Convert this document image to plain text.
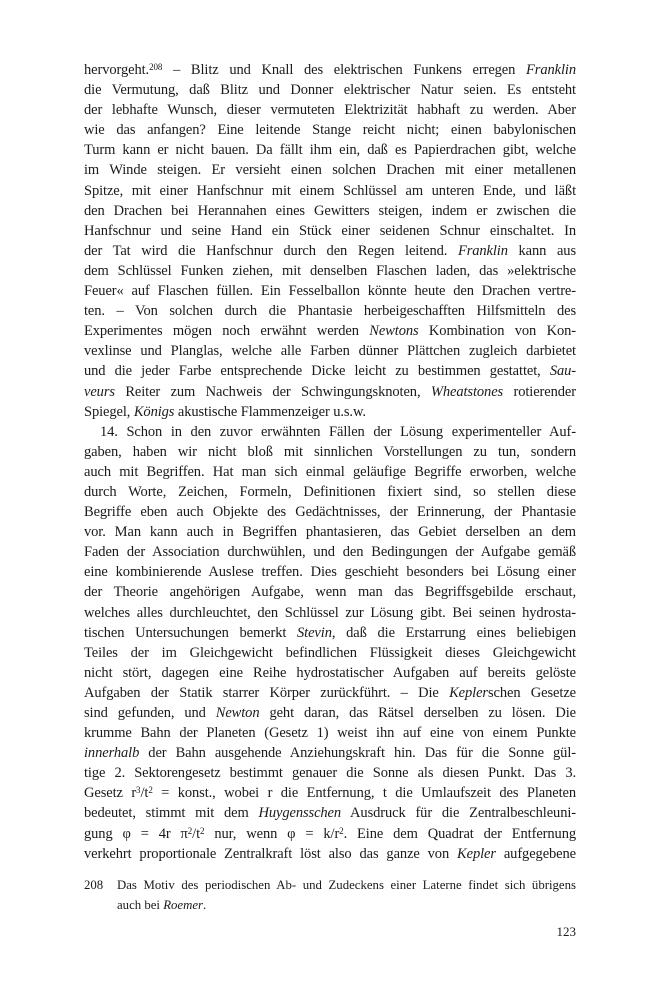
hervorgeht.$^{208}$ – Blitz und Knall des elektrischen Funkens erregen Franklin
die Vermutung, daß Blitz und Donner elektrischer Natur seien. Es entsteht
der lebhafte Wunsch, dieser vermuteten Elektrizität habhaft zu werden. Aber
wie das anfangen? Eine leitende Stange reicht nicht; einen babylonischen
Turm kann er nicht bauen. Da fällt ihm ein, daß es Papierdrachen gibt, welche
im Winde steigen. Er versieht einen solchen Drachen mit einer metallenen
Spitze, mit einer Hanfschnur mit einem Schlüssel am unteren Ende, und läßt
den Drachen bei Herannahen eines Gewitters steigen, indem er zwischen die
Hanfschnur und seine Hand ein Stück einer seidenen Schnur einschaltet. In
der Tat wird die Hanfschnur durch den Regen leitend. Franklin kann aus
dem Schlüssel Funken ziehen, mit denselben Flaschen laden, das »elektrische
Feuer« auf Flaschen füllen. Ein Fesselballon könnte heute den Drachen vertre-
ten. – Von solchen durch die Phantasie herbeigeschafften Hilfsmitteln des
Experimentes mögen noch erwähnt werden Newtons Kombination von Kon-
vexlinse und Planglas, welche alle Farben dünner Plättchen zugleich darbietet
und die jeder Farbe entsprechende Dicke leicht zu bestimmen gestattet, Sau-
veurs Reiter zum Nachweis der Schwingungsknoten, Wheatstones rotierender
Spiegel, Königs akustische Flammenzeiger u.s.w.
14. Schon in den zuvor erwähnten Fällen der Lösung experimenteller Auf-
gaben, haben wir nicht bloß mit sinnlichen Vorstellungen zu tun, sondern
auch mit Begriffen. Hat man sich einmal geläufige Begriffe erworben, welche
durch Worte, Zeichen, Formeln, Definitionen fixiert sind, so stellen diese
Begriffe eben auch Objekte des Gedächtnisses, der Erinnerung, der Phantasie
vor. Man kann auch in Begriffen phantasieren, das Gebiet derselben an dem
Faden der Association durchwühlen, und den Bedingungen der Aufgabe gemäß
eine kombinierende Auslese treffen. Dies geschieht besonders bei Lösung einer
der Theorie angehörigen Aufgabe, wenn man das Begriffsgebilde erschaut,
welches alles durchleuchtet, den Schlüssel zur Lösung gibt. Bei seinen hydrosta-
tischen Untersuchungen bemerkt Stevin, daß die Erstarrung eines beliebigen
Teiles der im Gleichgewicht befindlichen Flüssigkeit dieses Gleichgewicht
nicht stört, dagegen eine Reihe hydrostatischer Aufgaben auf bereits gelöste
Aufgaben der Statik starrer Körper zurückführt. – Die Keplerschen Gesetze
sind gefunden, und Newton geht daran, das Rätsel derselben zu lösen. Die
krumme Bahn der Planeten (Gesetz 1) weist ihn auf eine von einem Punkte
innerhalb der Bahn ausgehende Anziehungskraft hin. Das für die Sonne gül-
tige 2. Sektorengesetz bestimmt genauer die Sonne als diesen Punkt. Das 3.
Gesetz $r^3/t^2$ = konst., wobei r die Entfernung, t die Umlaufszeit des Planeten
bedeutet, stimmt mit dem Huygensschen Ausdruck für die Zentralbeschleuni-
gung φ = 4r $\pi^2/t^2$ nur, wenn $\varphi = k/r^2$. Eine dem Quadrat der Entfernung
verkehrt proportionale Zentralkraft löst also das ganze von Kepler aufgegebene
208	Das Motiv des periodischen Ab- und Zudeckens einer Laterne findet sich übrigens
auch bei Roemer.
123
